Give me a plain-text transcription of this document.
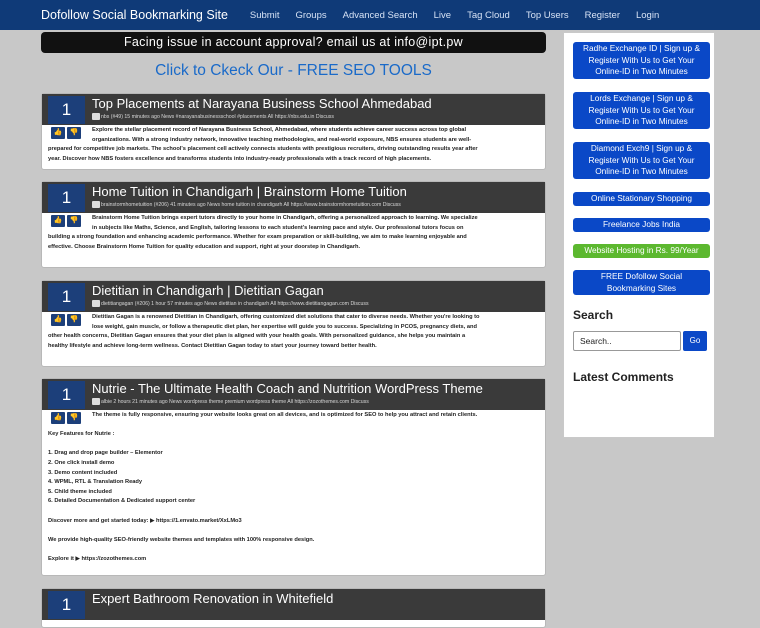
Dofollow Social Bookmarking Site Submit Groups Advanced Search Live Tag Cloud Top Users Register Login
Facing issue in account approval? email us at info@ipt.pw
Click to Ckeck Our - FREE SEO TOOLS
1	Top Placements at Narayana Business School Ahmedabad
nbs (#49) 15 minutes ago News #narayanabusinessschool #placements All https://nbs.edu.in Discuss
👍	👎	Explore the stellar placement record of Narayana Business School, Ahmedabad, where students achieve career success across top global
organizations. With a strong industry network, innovative teaching methodologies, and real-world exposure, NBS ensures students are well-
prepared for competitive job markets. The school's placement cell actively connects students with prestigious recruiters, driving outstanding results year after
year. Discover how NBS fosters excellence and transforms students into industry-ready professionals with a track record of high placements.
1	Home Tuition in Chandigarh | Brainstorm Home Tuition
brainstormhometuition (#206) 41 minutes ago News home tuition in chandigarh All https://www.brainstormhometuition.com Discuss
👍	👎	Brainstorm Home Tuition brings expert tutors directly to your home in Chandigarh, offering a personalized approach to learning. We specialize
in subjects like Maths, Science, and English, tailoring lessons to each student's learning pace and style. Our professional tutors focus on
building a strong foundation and enhancing academic performance. Whether for exam preparation or skill-building, we aim to make learning enjoyable and
effective. Choose Brainstorm Home Tuition for quality education and support, right at your doorstep in Chandigarh.
1	Dietitian in Chandigarh | Dietitian Gagan
dietitiangagan (#206) 1 hour 57 minutes ago News dietitian in chandigarh All https://www.dietitiangagan.com Discuss
👍	👎	Dietitian Gagan is a renowned Dietitian in Chandigarh, offering customized diet solutions that cater to diverse needs. Whether you're looking to
lose weight, gain muscle, or follow a therapeutic diet plan, her expertise will guide you to success. Specializing in PCOS, pregnancy diets, and
other health concerns, Dietitian Gagan ensures that your diet plan is aligned with your health goals. With personalized guidance, she helps you maintain a
healthy lifestyle and achieve long-term wellness. Contact Dietitian Gagan today to start your journey toward better health.
1	Nutrie - The Ultimate Health Coach and Nutrition WordPress Theme
albie 2 hours 21 minutes ago News wordpress theme premium wordpress theme All https://zozothemes.com Discuss
👍	👎	The theme is fully responsive, ensuring your website looks great on all devices, and is optimized for SEO to help you attract and retain clients.

Key Features for Nutrie :

1. Drag and drop page builder – Elementor
2. One click install demo
3. Demo content included
4. WPML, RTL & Translation Ready
5. Child theme included
6. Detailed Documentation & Dedicated support center

Discover more and get started today: ▶ https://1.envato.market/XxLMo3

We provide high-quality SEO-friendly website themes and templates with 100% responsive design.

Explore it ▶ https://zozothemes.com
1	Expert Bathroom Renovation in Whitefield
Radhe Exchange ID | Sign up & Register With Us to Get Your Online-ID in Two Minutes
Lords Exchange | Sign up & Register With Us to Get Your Online-ID in Two Minutes
Diamond Exch9 | Sign up & Register With Us to Get Your Online-ID in Two Minutes
Online Stationary Shopping
Freelance Jobs India
Website Hosting in Rs. 99/Year
FREE Dofollow Social Bookmarking Sites
Search
Search..	Go
Latest Comments
